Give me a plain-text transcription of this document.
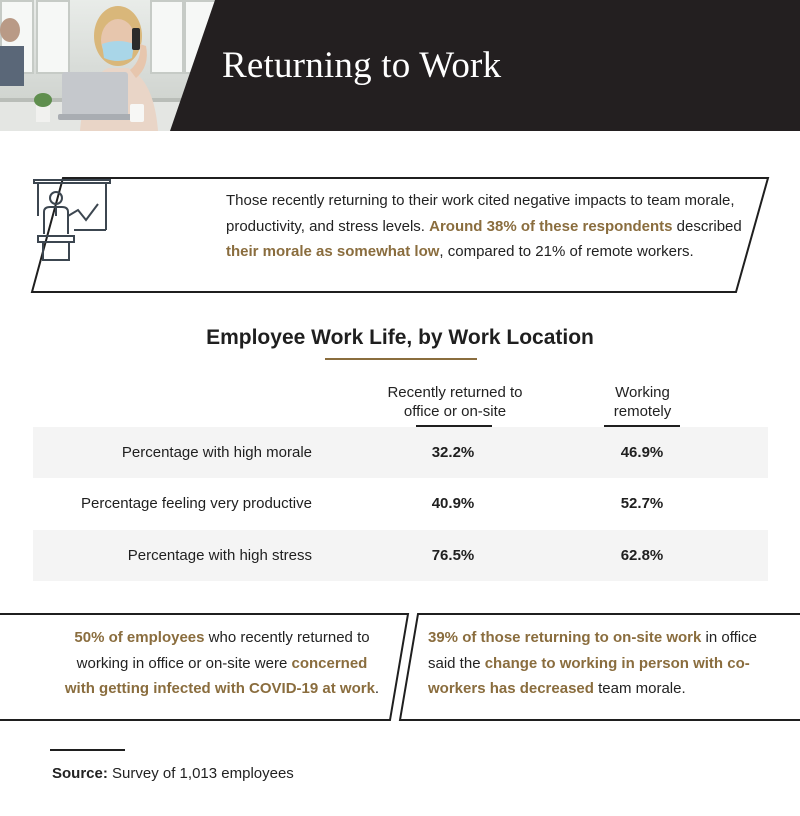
Returning to Work

Those recently returning to their work cited negative impacts to team morale, productivity, and stress levels. Around 38% of these respondents described their morale as somewhat low, compared to 21% of remote workers.

Employee Work Life, by Work Location
Recently returned to office or on-site
Working remotely
Percentage with high morale	32.2%	46.9%
Percentage feeling very productive	40.9%	52.7%
Percentage with high stress	76.5%	62.8%

50% of employees who recently returned to working in office or on-site were concerned with getting infected with COVID-19 at work.

39% of those returning to on-site work in office said the change to working in person with co-workers has decreased team morale.

Source: Survey of 1,013 employees
